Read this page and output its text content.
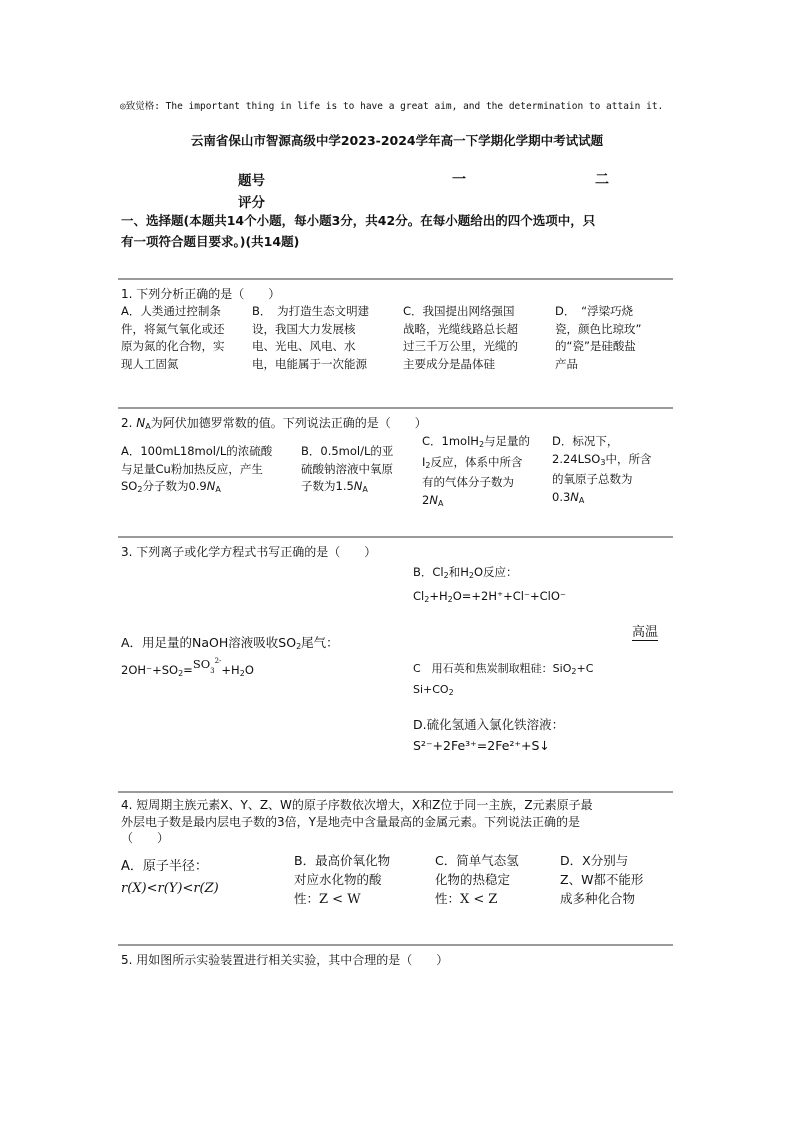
◎致觉格: The important thing in life is to have a great aim, and the determination to attain it.
云南省保山市智源高级中学2023-2024学年高一下学期化学期中考试试题
题号
评分
一	二
一、选择题(本题共14个小题，每小题3分，共42分。在每小题给出的四个选项中，只
有一项符合题目要求。)(共14题)
1. 下列分析正确的是（　　）
A．人类通过控制条
件，将氮气氧化或还
原为氮的化合物，实
现人工固氮
B．　为打造生态文明建
设，我国大力发展核
电、光电、风电、水
电，电能属于一次能源
C．我国提出网络强国
战略，光缆线路总长超
过三千万公里，光缆的
主要成分是晶体硅
D．　“浮梁巧烧
瓷，颜色比琼玫”
的“瓷”是硅酸盐
产品
2. $N_A$为阿伏加德罗常数的值。下列说法正确的是（　　）
A．100mL18mol/L的浓硫酸
与足量Cu粉加热反应，产生
$SO_2$分子数为$0.9N_A$
B．0.5mol/L的亚
硫酸钠溶液中氧原
子数为$1.5N_A$
C．1molH$_2$与足量的
$I_2$反应，体系中所含
有的气体分子数为
$2N_A$
D．标况下，
$2.24LSO_3$中，所含
的氧原子总数为
$0.3N_A$
3. 下列离子或化学方程式书写正确的是（　　）
B．$Cl_2$和$H_2O$反应：
$Cl_2+H_2O=+2H^++Cl^-+ClO^-$
高温
A．用足量的NaOH溶液吸收$SO_2$尾气：
$2OH^-+SO_2=SO_3^{2-}+H_2O$	C　用石英和焦炭制取粗硅：SiO$_2$+C
$Si+CO_2$
D.硫化氢通入氯化铁溶液：
S²⁻+2Fe³⁺=2Fe²⁺+S↓
4. 短周期主族元素X、Y、Z、W的原子序数依次增大，X和Z位于同一主族，Z元素原子最
外层电子数是最内层电子数的3倍，Y是地壳中含量最高的金属元素。下列说法正确的是
（　　）
A．原子半径：
r(X)<r(Y)<r(Z)
B．最高价氧化物
对应水化物的酸
性：Z < W
C．简单气态氢
化物的热稳定
性：X < Z
D．X分别与
Z、W都不能形
成多种化合物
5. 用如图所示实验装置进行相关实验，其中合理的是（　　）
